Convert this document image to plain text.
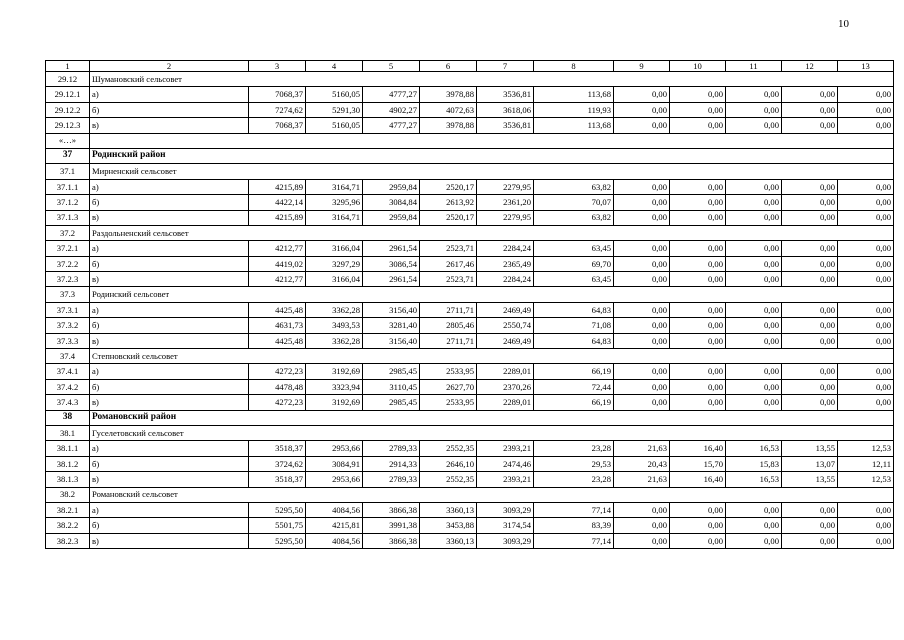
10
1	2	3	4	5	6	7	8	9	10	11	12	13
29.12	Шумановский сельсовет											
29.12.1	а)	7068,37	5160,05	4777,27	3978,88	3536,81	113,68	0,00	0,00	0,00	0,00	0,00
29.12.2	б)	7274,62	5291,30	4902,27	4072,63	3618,06	119,93	0,00	0,00	0,00	0,00	0,00
29.12.3	в)	7068,37	5160,05	4777,27	3978,88	3536,81	113,68	0,00	0,00	0,00	0,00	0,00
«…»												
37	Родинский район											
37.1	Мирненский сельсовет											
37.1.1	а)	4215,89	3164,71	2959,84	2520,17	2279,95	63,82	0,00	0,00	0,00	0,00	0,00
37.1.2	б)	4422,14	3295,96	3084,84	2613,92	2361,20	70,07	0,00	0,00	0,00	0,00	0,00
37.1.3	в)	4215,89	3164,71	2959,84	2520,17	2279,95	63,82	0,00	0,00	0,00	0,00	0,00
37.2	Раздольненский сельсовет											
37.2.1	а)	4212,77	3166,04	2961,54	2523,71	2284,24	63,45	0,00	0,00	0,00	0,00	0,00
37.2.2	б)	4419,02	3297,29	3086,54	2617,46	2365,49	69,70	0,00	0,00	0,00	0,00	0,00
37.2.3	в)	4212,77	3166,04	2961,54	2523,71	2284,24	63,45	0,00	0,00	0,00	0,00	0,00
37.3	Родинский сельсовет											
37.3.1	а)	4425,48	3362,28	3156,40	2711,71	2469,49	64,83	0,00	0,00	0,00	0,00	0,00
37.3.2	б)	4631,73	3493,53	3281,40	2805,46	2550,74	71,08	0,00	0,00	0,00	0,00	0,00
37.3.3	в)	4425,48	3362,28	3156,40	2711,71	2469,49	64,83	0,00	0,00	0,00	0,00	0,00
37.4	Степновский сельсовет											
37.4.1	а)	4272,23	3192,69	2985,45	2533,95	2289,01	66,19	0,00	0,00	0,00	0,00	0,00
37.4.2	б)	4478,48	3323,94	3110,45	2627,70	2370,26	72,44	0,00	0,00	0,00	0,00	0,00
37.4.3	в)	4272,23	3192,69	2985,45	2533,95	2289,01	66,19	0,00	0,00	0,00	0,00	0,00
38	Романовский район											
38.1	Гуселетовский сельсовет											
38.1.1	а)	3518,37	2953,66	2789,33	2552,35	2393,21	23,28	21,63	16,40	16,53	13,55	12,53
38.1.2	б)	3724,62	3084,91	2914,33	2646,10	2474,46	29,53	20,43	15,70	15,83	13,07	12,11
38.1.3	в)	3518,37	2953,66	2789,33	2552,35	2393,21	23,28	21,63	16,40	16,53	13,55	12,53
38.2	Романовский сельсовет											
38.2.1	а)	5295,50	4084,56	3866,38	3360,13	3093,29	77,14	0,00	0,00	0,00	0,00	0,00
38.2.2	б)	5501,75	4215,81	3991,38	3453,88	3174,54	83,39	0,00	0,00	0,00	0,00	0,00
38.2.3	в)	5295,50	4084,56	3866,38	3360,13	3093,29	77,14	0,00	0,00	0,00	0,00	0,00
